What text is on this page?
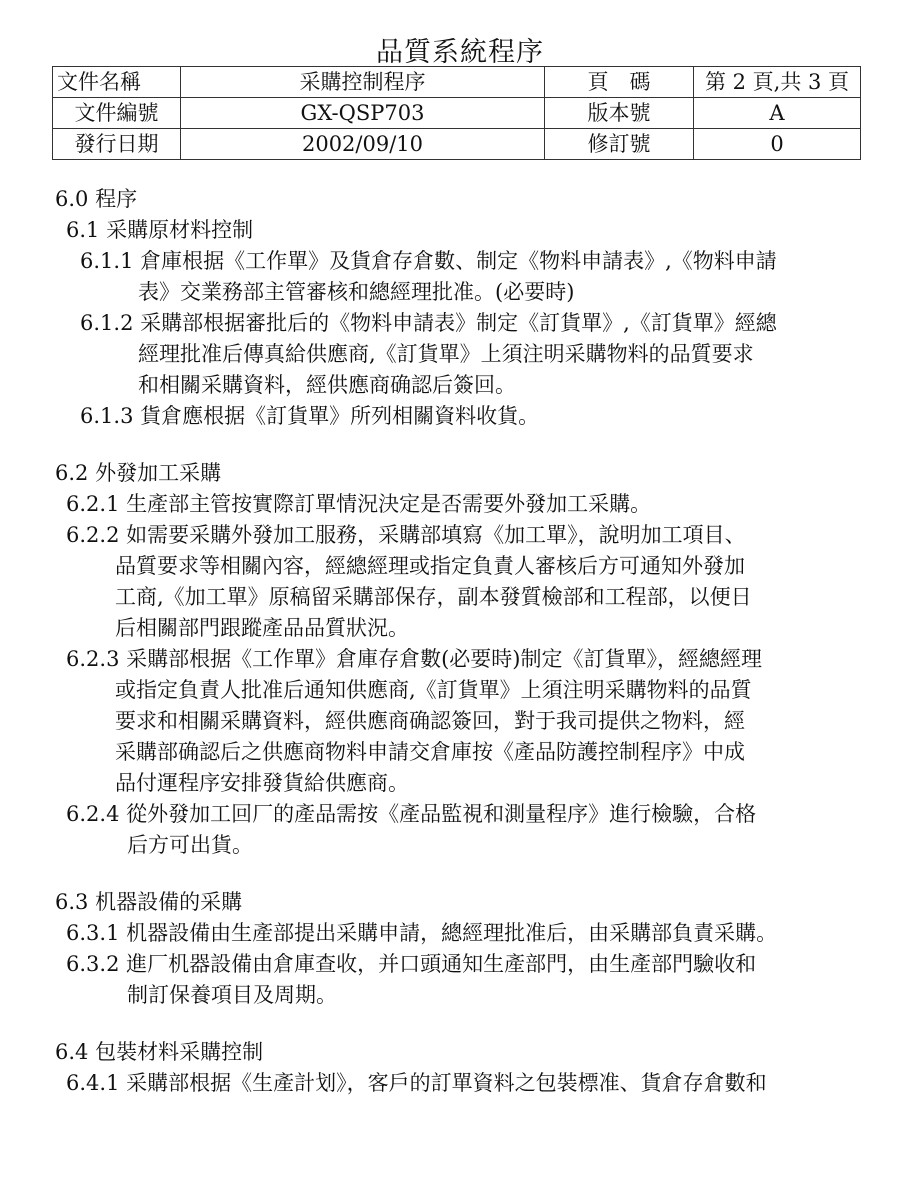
品質系統程序
文件名稱	采購控制程序	頁　碼	第 2 頁,共 3 頁
文件編號	GX-QSP703	版本號	A
發行日期	2002/09/10	修訂號	0
6.0 程序
6.1 采購原材料控制
6.1.1 倉庫根据《工作單》及貨倉存倉數、制定《物料申請表》,《物料申請
表》交業務部主管審核和總經理批准。(必要時)
6.1.2 采購部根据審批后的《物料申請表》制定《訂貨單》,《訂貨單》經總
經理批准后傳真給供應商,《訂貨單》上須注明采購物料的品質要求
和相關采購資料，經供應商确認后簽回。
6.1.3 貨倉應根据《訂貨單》所列相關資料收貨。
6.2 外發加工采購
6.2.1 生產部主管按實際訂單情況決定是否需要外發加工采購。
6.2.2 如需要采購外發加工服務，采購部填寫《加工單》，說明加工項目、
品質要求等相關內容，經總經理或指定負責人審核后方可通知外發加
工商,《加工單》原稿留采購部保存，副本發質檢部和工程部，以便日
后相關部門跟蹤產品品質狀況。
6.2.3 采購部根据《工作單》倉庫存倉數(必要時)制定《訂貨單》，經總經理
或指定負責人批准后通知供應商,《訂貨單》上須注明采購物料的品質
要求和相關采購資料，經供應商确認簽回，對于我司提供之物料，經
采購部确認后之供應商物料申請交倉庫按《產品防護控制程序》中成
品付運程序安排發貨給供應商。
6.2.4 從外發加工回厂的產品需按《產品監視和測量程序》進行檢驗，合格
后方可出貨。
6.3 机器設備的采購
6.3.1 机器設備由生產部提出采購申請，總經理批准后，由采購部負責采購。
6.3.2 進厂机器設備由倉庫查收，并口頭通知生產部門，由生產部門驗收和
制訂保養項目及周期。
6.4 包裝材料采購控制
6.4.1 采購部根据《生產計划》，客戶的訂單資料之包裝標准、貨倉存倉數和
